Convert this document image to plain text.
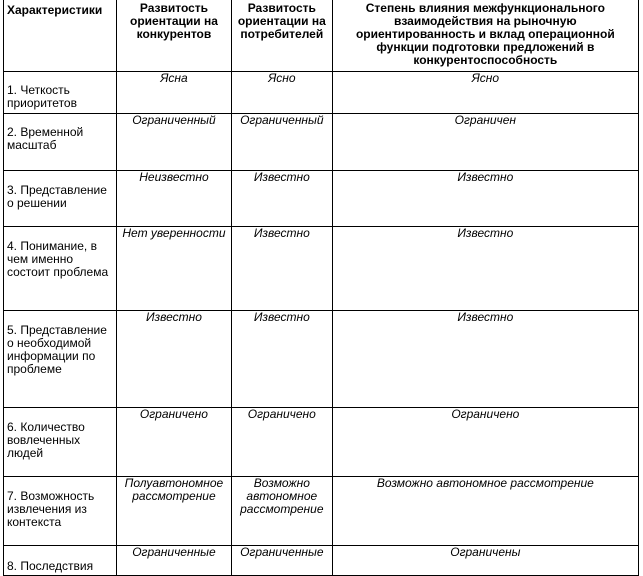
Характеристики	Развитость ориентации на конкурентов	Развитость ориентации на потребителей	Степень влияния межфункционального взаимодействия на рыночную ориентированность и вклад операционной функции подготовки предложений в конкурентоспособность

1. Четкость приоритетов	Ясна	Ясно	Ясно

2. Временной масштаб	Ограниченный	Ограниченный	Ограничен

3. Представление о решении	Неизвестно	Известно	Известно

4. Понимание, в чем именно состоит проблема	Нет уверенности	Известно	Известно

5. Представление о необходимой информации по проблеме	Известно	Известно	Известно

6. Количество вовлеченных людей	Ограничено	Ограничено	Ограничено

7. Возможность извлечения из контекста	Полуавтономное рассмотрение	Возможно автономное рассмотрение	Возможно автономное рассмотрение

8. Последствия	Ограниченные	Ограниченные	Ограничены
